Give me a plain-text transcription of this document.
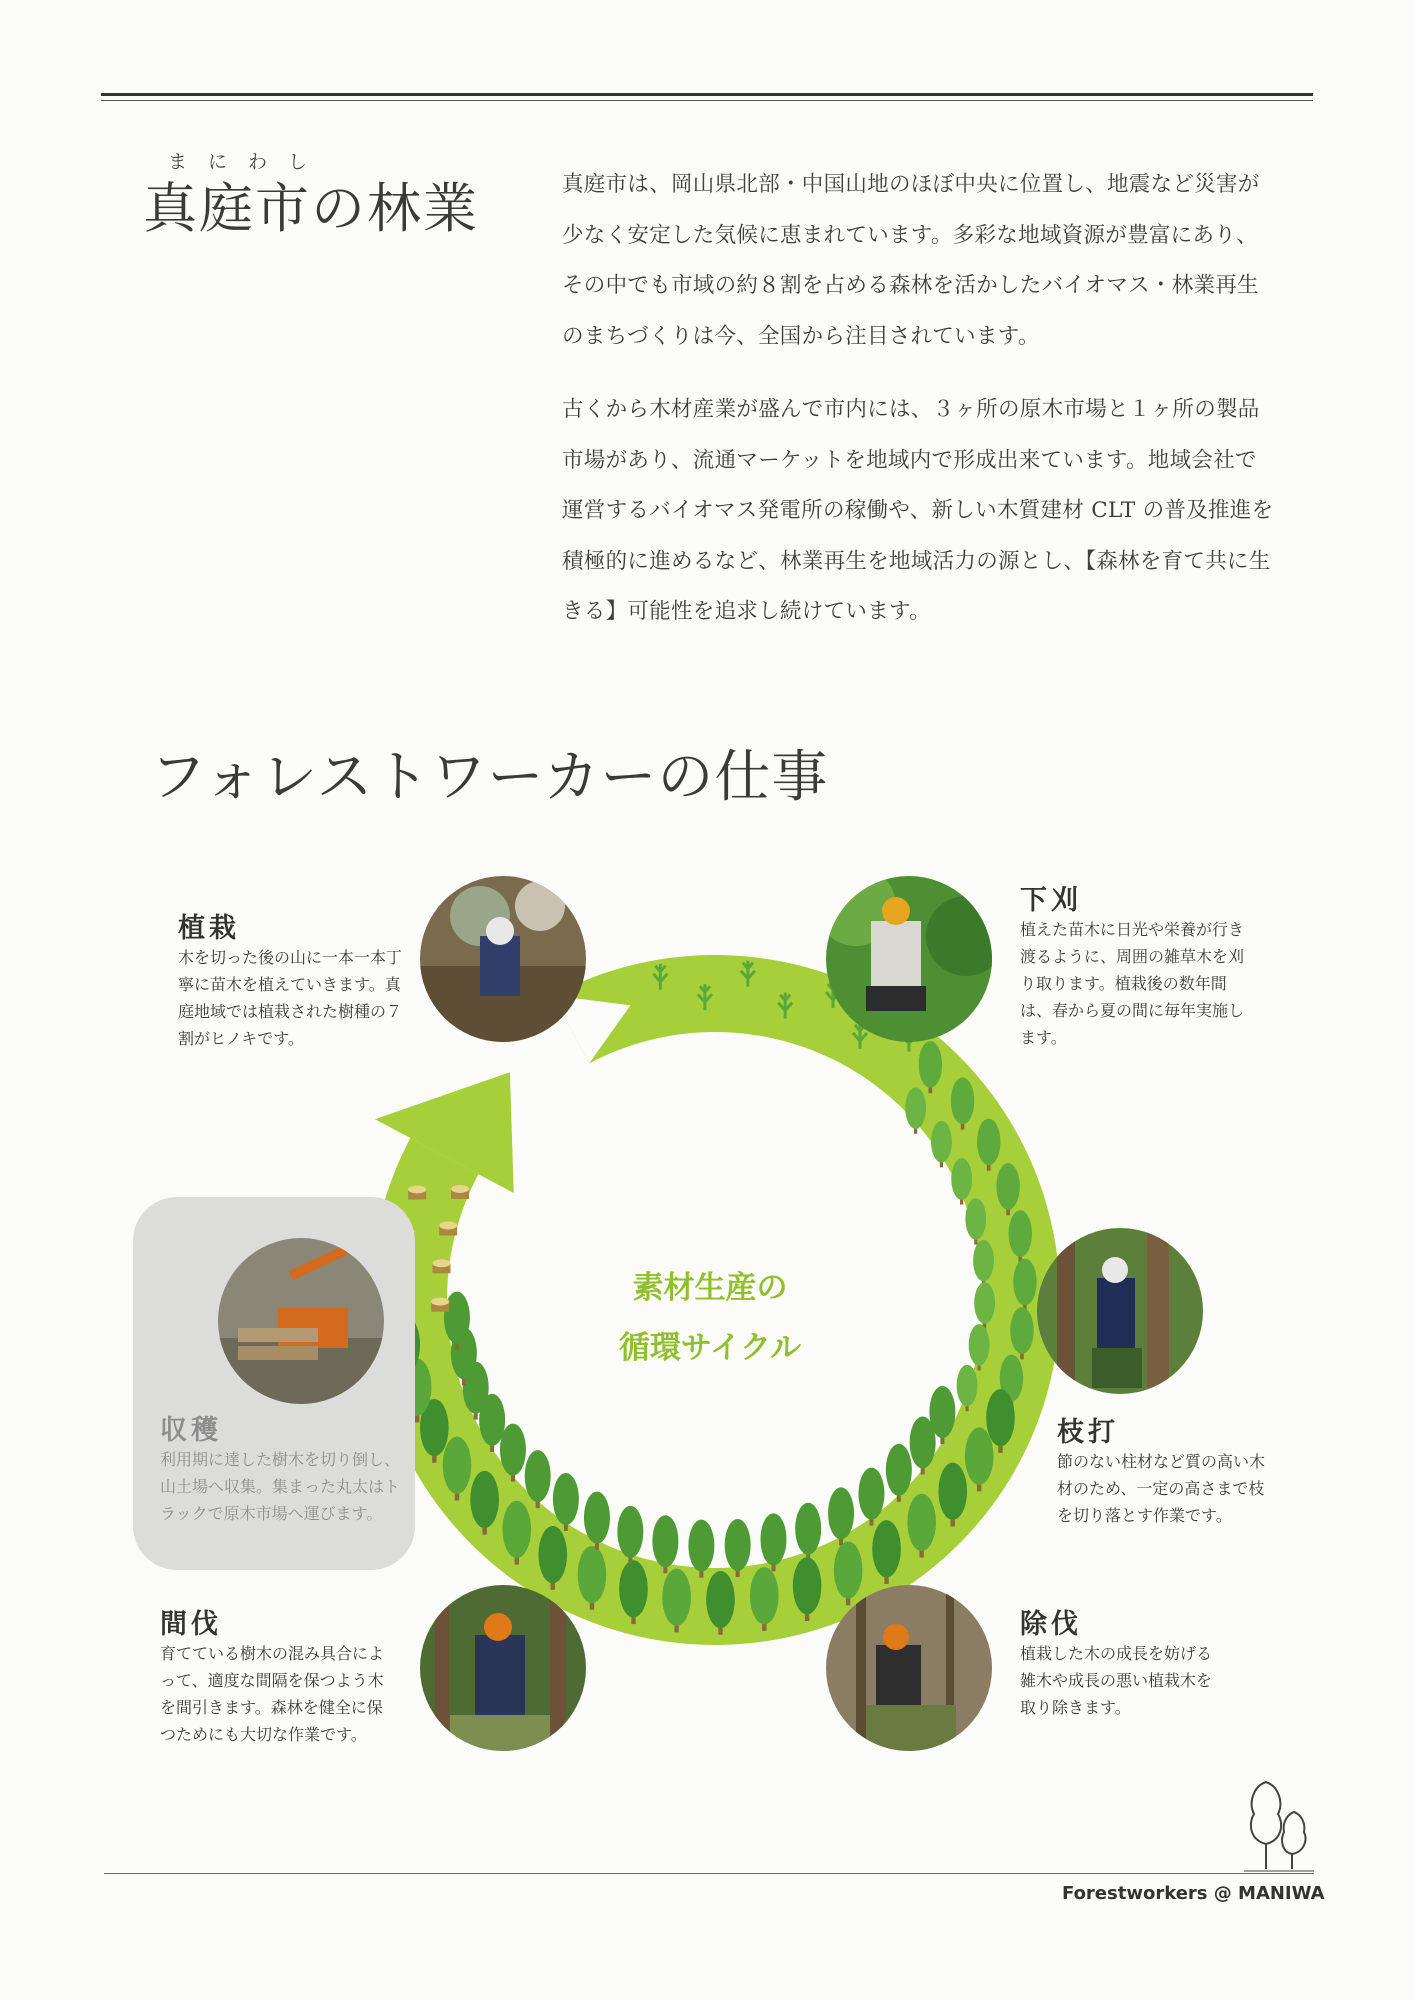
まにわし
真庭市の林業	真庭市は、岡山県北部・中国山地のほぼ中央に位置し、地震など災害が少なく安定した気候に恵まれています。多彩な地域資源が豊富にあり、その中でも市域の約８割を占める森林を活かしたバイオマス・林業再生のまちづくりは今、全国から注目されています。

古くから木材産業が盛んで市内には、３ヶ所の原木市場と１ヶ所の製品市場があり、流通マーケットを地域内で形成出来ています。地域会社で運営するバイオマス発電所の稼働や、新しい木質建材 CLT の普及推進を積極的に進めるなど、林業再生を地域活力の源とし、【森林を育て共に生きる】可能性を追求し続けています。

フォレストワーカーの仕事
素材生産の
循環サイクル
植栽

木を切った後の山に一本一本丁寧に苗木を植えていきます。真庭地域では植栽された樹種の７割がヒノキです。

下刈

植えた苗木に日光や栄養が行き渡るように、周囲の雑草木を刈り取ります。植栽後の数年間は、春から夏の間に毎年実施します。

枝打

節のない柱材など質の高い木材のため、一定の高さまで枝を切り落とす作業です。

除伐

植栽した木の成長を妨げる雑木や成長の悪い植栽木を取り除きます。

間伐

育てている樹木の混み具合によって、適度な間隔を保つよう木を間引きます。森林を健全に保つためにも大切な作業です。

収穫

利用期に達した樹木を切り倒し、山土場へ収集。集まった丸太はトラックで原木市場へ運びます。

Forestworkers @ MANIWA
